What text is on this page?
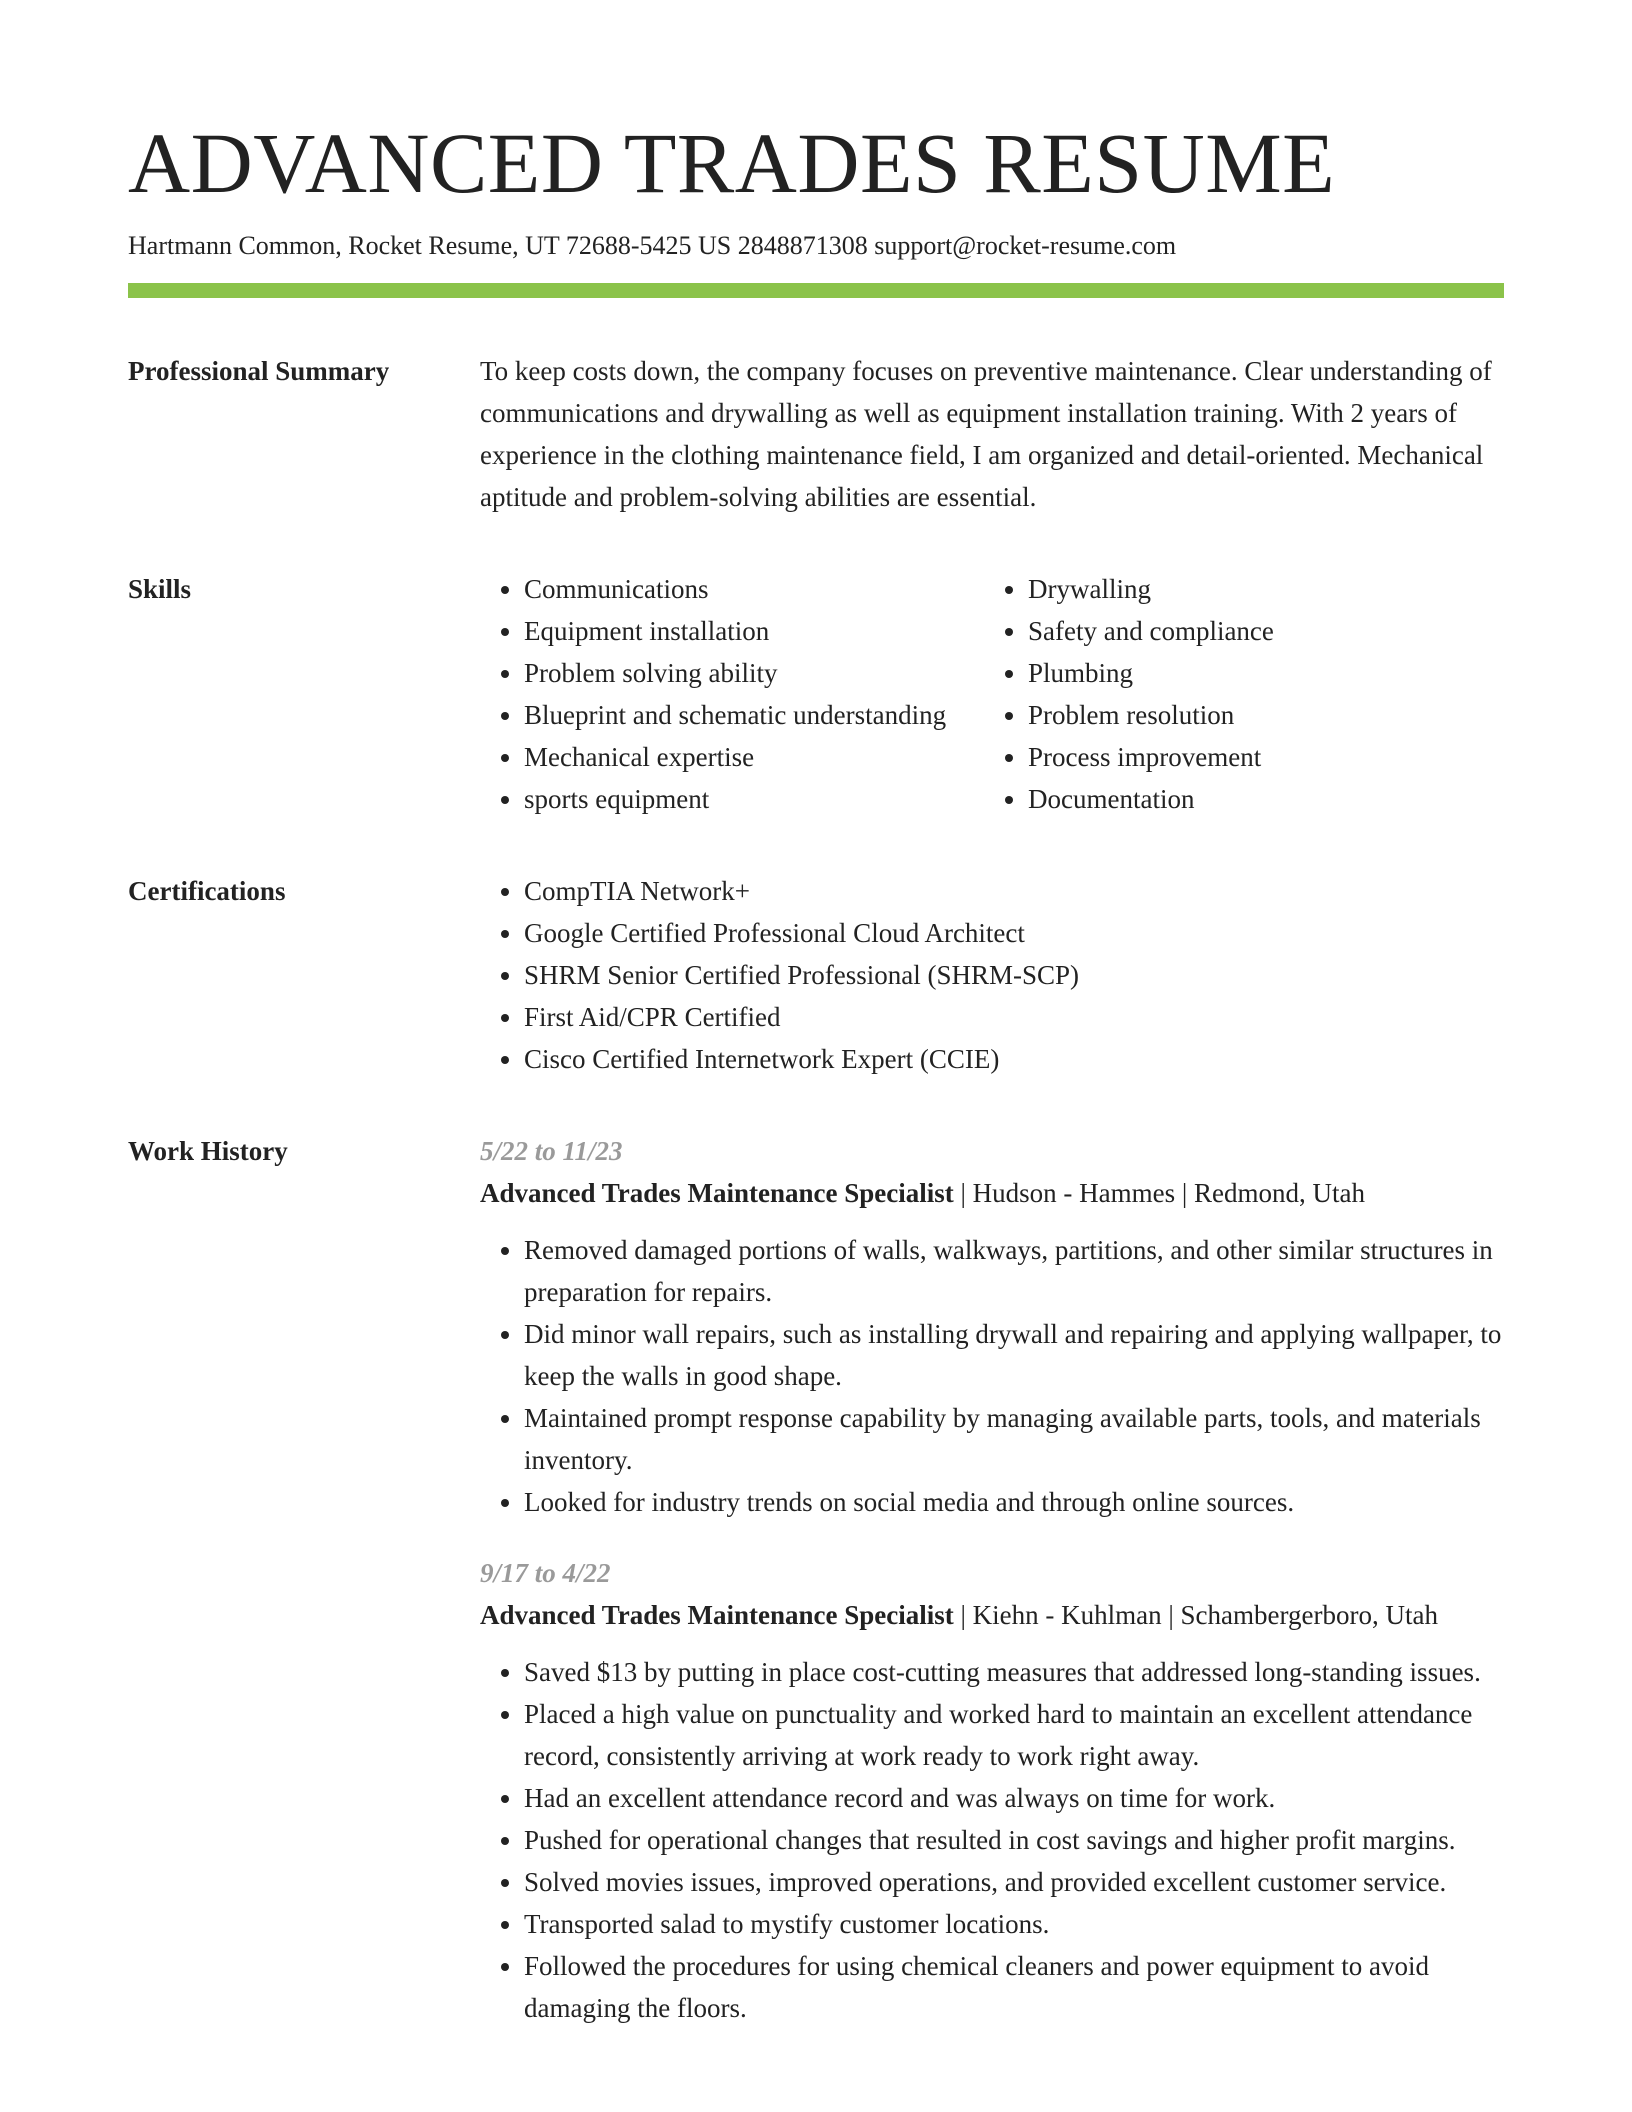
ADVANCED TRADES RESUME
Hartmann Common, Rocket Resume, UT 72688-5425 US 2848871308 support@rocket-resume.com
Professional Summary	To keep costs down, the company focuses on preventive maintenance. Clear understanding of communications and drywalling as well as equipment installation training. With 2 years of experience in the clothing maintenance field, I am organized and detail-oriented. Mechanical aptitude and problem-solving abilities are essential.

Skills	• Communications
• Equipment installation
• Problem solving ability
• Blueprint and schematic understanding
• Mechanical expertise
• sports equipment
• Drywalling
• Safety and compliance
• Plumbing
• Problem resolution
• Process improvement
• Documentation
Certifications	• CompTIA Network+
• Google Certified Professional Cloud Architect
• SHRM Senior Certified Professional (SHRM-SCP)
• First Aid/CPR Certified
• Cisco Certified Internetwork Expert (CCIE)
Work History	5/22 to 11/23
Advanced Trades Maintenance Specialist | Hudson - Hammes | Redmond, Utah
• Removed damaged portions of walls, walkways, partitions, and other similar structures in preparation for repairs.
• Did minor wall repairs, such as installing drywall and repairing and applying wallpaper, to keep the walls in good shape.
• Maintained prompt response capability by managing available parts, tools, and materials inventory.
• Looked for industry trends on social media and through online sources.
9/17 to 4/22
Advanced Trades Maintenance Specialist | Kiehn - Kuhlman | Schambergerboro, Utah
• Saved $13 by putting in place cost-cutting measures that addressed long-standing issues.
• Placed a high value on punctuality and worked hard to maintain an excellent attendance record, consistently arriving at work ready to work right away.
• Had an excellent attendance record and was always on time for work.
• Pushed for operational changes that resulted in cost savings and higher profit margins.
• Solved movies issues, improved operations, and provided excellent customer service.
• Transported salad to mystify customer locations.
• Followed the procedures for using chemical cleaners and power equipment to avoid damaging the floors.
